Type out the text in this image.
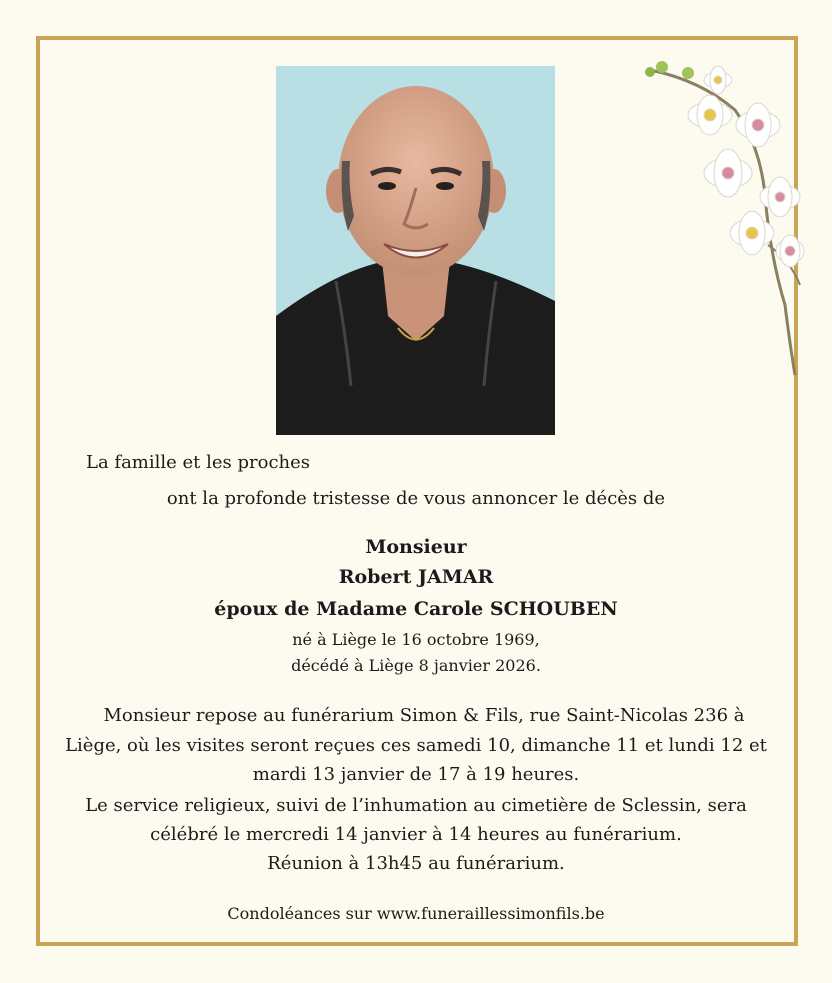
La famille et les proches
ont la profonde tristesse de vous annoncer le décès de
Monsieur
Robert JAMAR
époux de Madame Carole SCHOUBEN
né à Liège le 16 octobre 1969,
décédé à Liège 8 janvier 2026.
Monsieur repose au funérarium Simon & Fils, rue Saint-Nicolas 236 à
Liège, où les visites seront reçues ces samedi 10, dimanche 11 et lundi 12 et
mardi 13 janvier de 17 à 19 heures.
Le service religieux, suivi de l’inhumation au cimetière de Sclessin, sera
célébré le mercredi 14 janvier à 14 heures au funérarium.
Réunion à 13h45 au funérarium.
Condoléances sur www.funeraillessimonfils.be
